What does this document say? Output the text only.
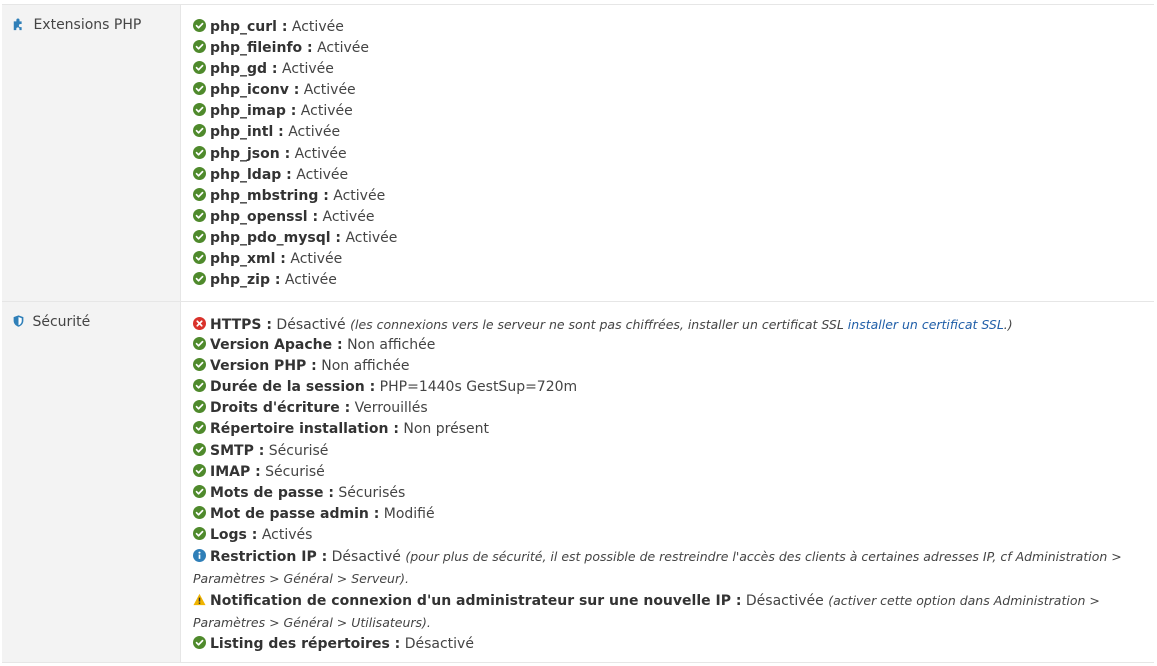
Extensions PHP	php_curl : Activée
php_fileinfo : Activée
php_gd : Activée
php_iconv : Activée
php_imap : Activée
php_intl : Activée
php_json : Activée
php_ldap : Activée
php_mbstring : Activée
php_openssl : Activée
php_pdo_mysql : Activée
php_xml : Activée
php_zip : Activée
Sécurité	HTTPS : Désactivé (les connexions vers le serveur ne sont pas chiffrées, installer un certificat SSL installer un certificat SSL.)
Version Apache : Non affichée
Version PHP : Non affichée
Durée de la session : PHP=1440s GestSup=720m
Droits d'écriture : Verrouillés
Répertoire installation : Non présent
SMTP : Sécurisé
IMAP : Sécurisé
Mots de passe : Sécurisés
Mot de passe admin : Modifié
Logs : Activés
Restriction IP : Désactivé (pour plus de sécurité, il est possible de restreindre l'accès des clients à certaines adresses IP, cf Administration > Paramètres > Général > Serveur).
Notification de connexion d'un administrateur sur une nouvelle IP : Désactivée (activer cette option dans Administration > Paramètres > Général > Utilisateurs).
Listing des répertoires : Désactivé
